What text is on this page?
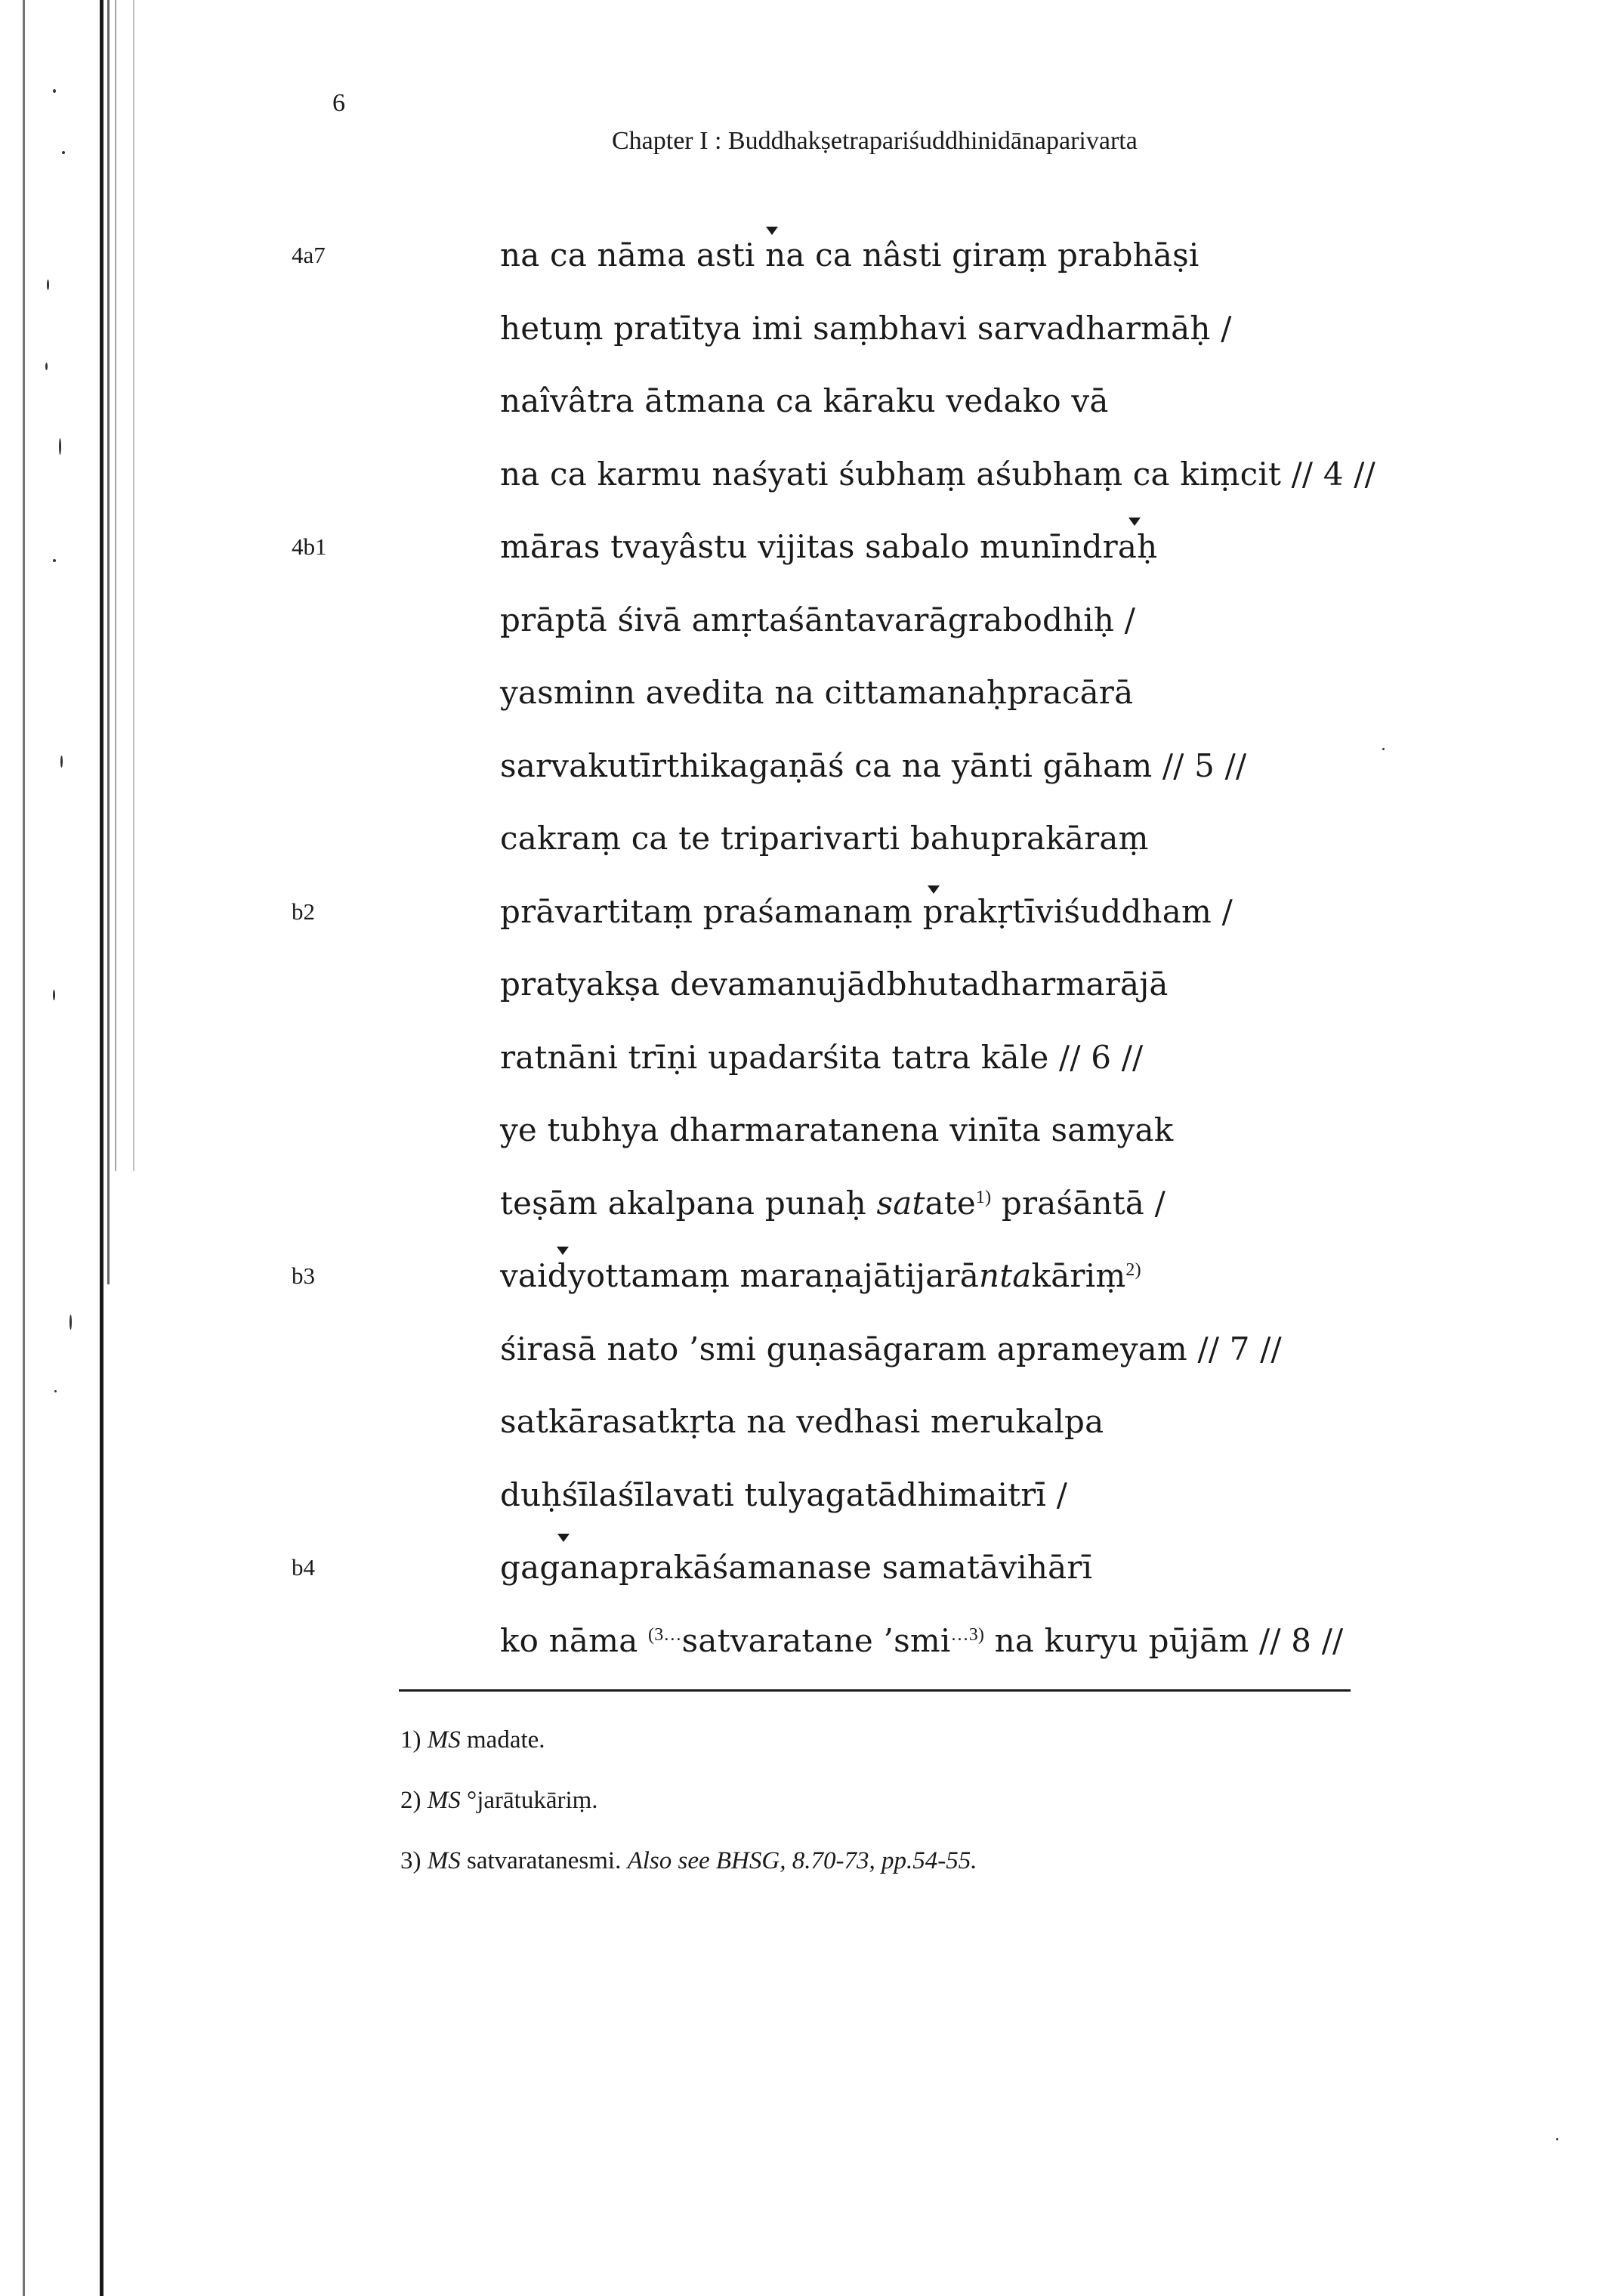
6
Chapter I : Buddhakṣetrapariśuddhinidānaparivarta
4a7	na ca nāma asti na ca nâsti giraṃ prabhāṣi
hetuṃ pratītya imi saṃbhavi sarvadharmāḥ /
naîvâtra ātmana ca kāraku vedako vā
na ca karmu naśyati śubhaṃ aśubhaṃ ca kiṃcit // 4 //
4b1	māras tvayâstu vijitas sabalo munīndraḥ
prāptā śivā amṛtaśāntavarāgrabodhiḥ /
yasminn avedita na cittamanaḥpracārā
sarvakutīrthikagaṇāś ca na yānti gāham // 5 //
cakraṃ ca te triparivarti bahuprakāraṃ
b2	prāvartitaṃ praśamanaṃ prakṛtīviśuddham /
pratyakṣa devamanujādbhutadharmarājā
ratnāni trīṇi upadarśita tatra kāle // 6 //
ye tubhya dharmaratanena vinīta samyak
teṣām akalpana punaḥ satate$^{1)}$ praśāntā /
b3	vaidyottamaṃ maraṇajātijarāntakāriṃ$^{2)}$
śirasā nato ’smi guṇasāgaram aprameyam // 7 //
satkārasatkṛta na vedhasi merukalpa
duḥśīlaśīlavati tulyagatādhimaitrī /
b4	gaganaprakāśamanase samatāvihārī
ko nāma $^{(3\dots}$satvaratane ’smi$^{\dots 3)}$ na kuryu pūjām // 8 //
1) MS madate.
2) MS °jarātukāriṃ.
3) MS satvaratanesmi. Also see BHSG, 8.70-73, pp.54-55.
